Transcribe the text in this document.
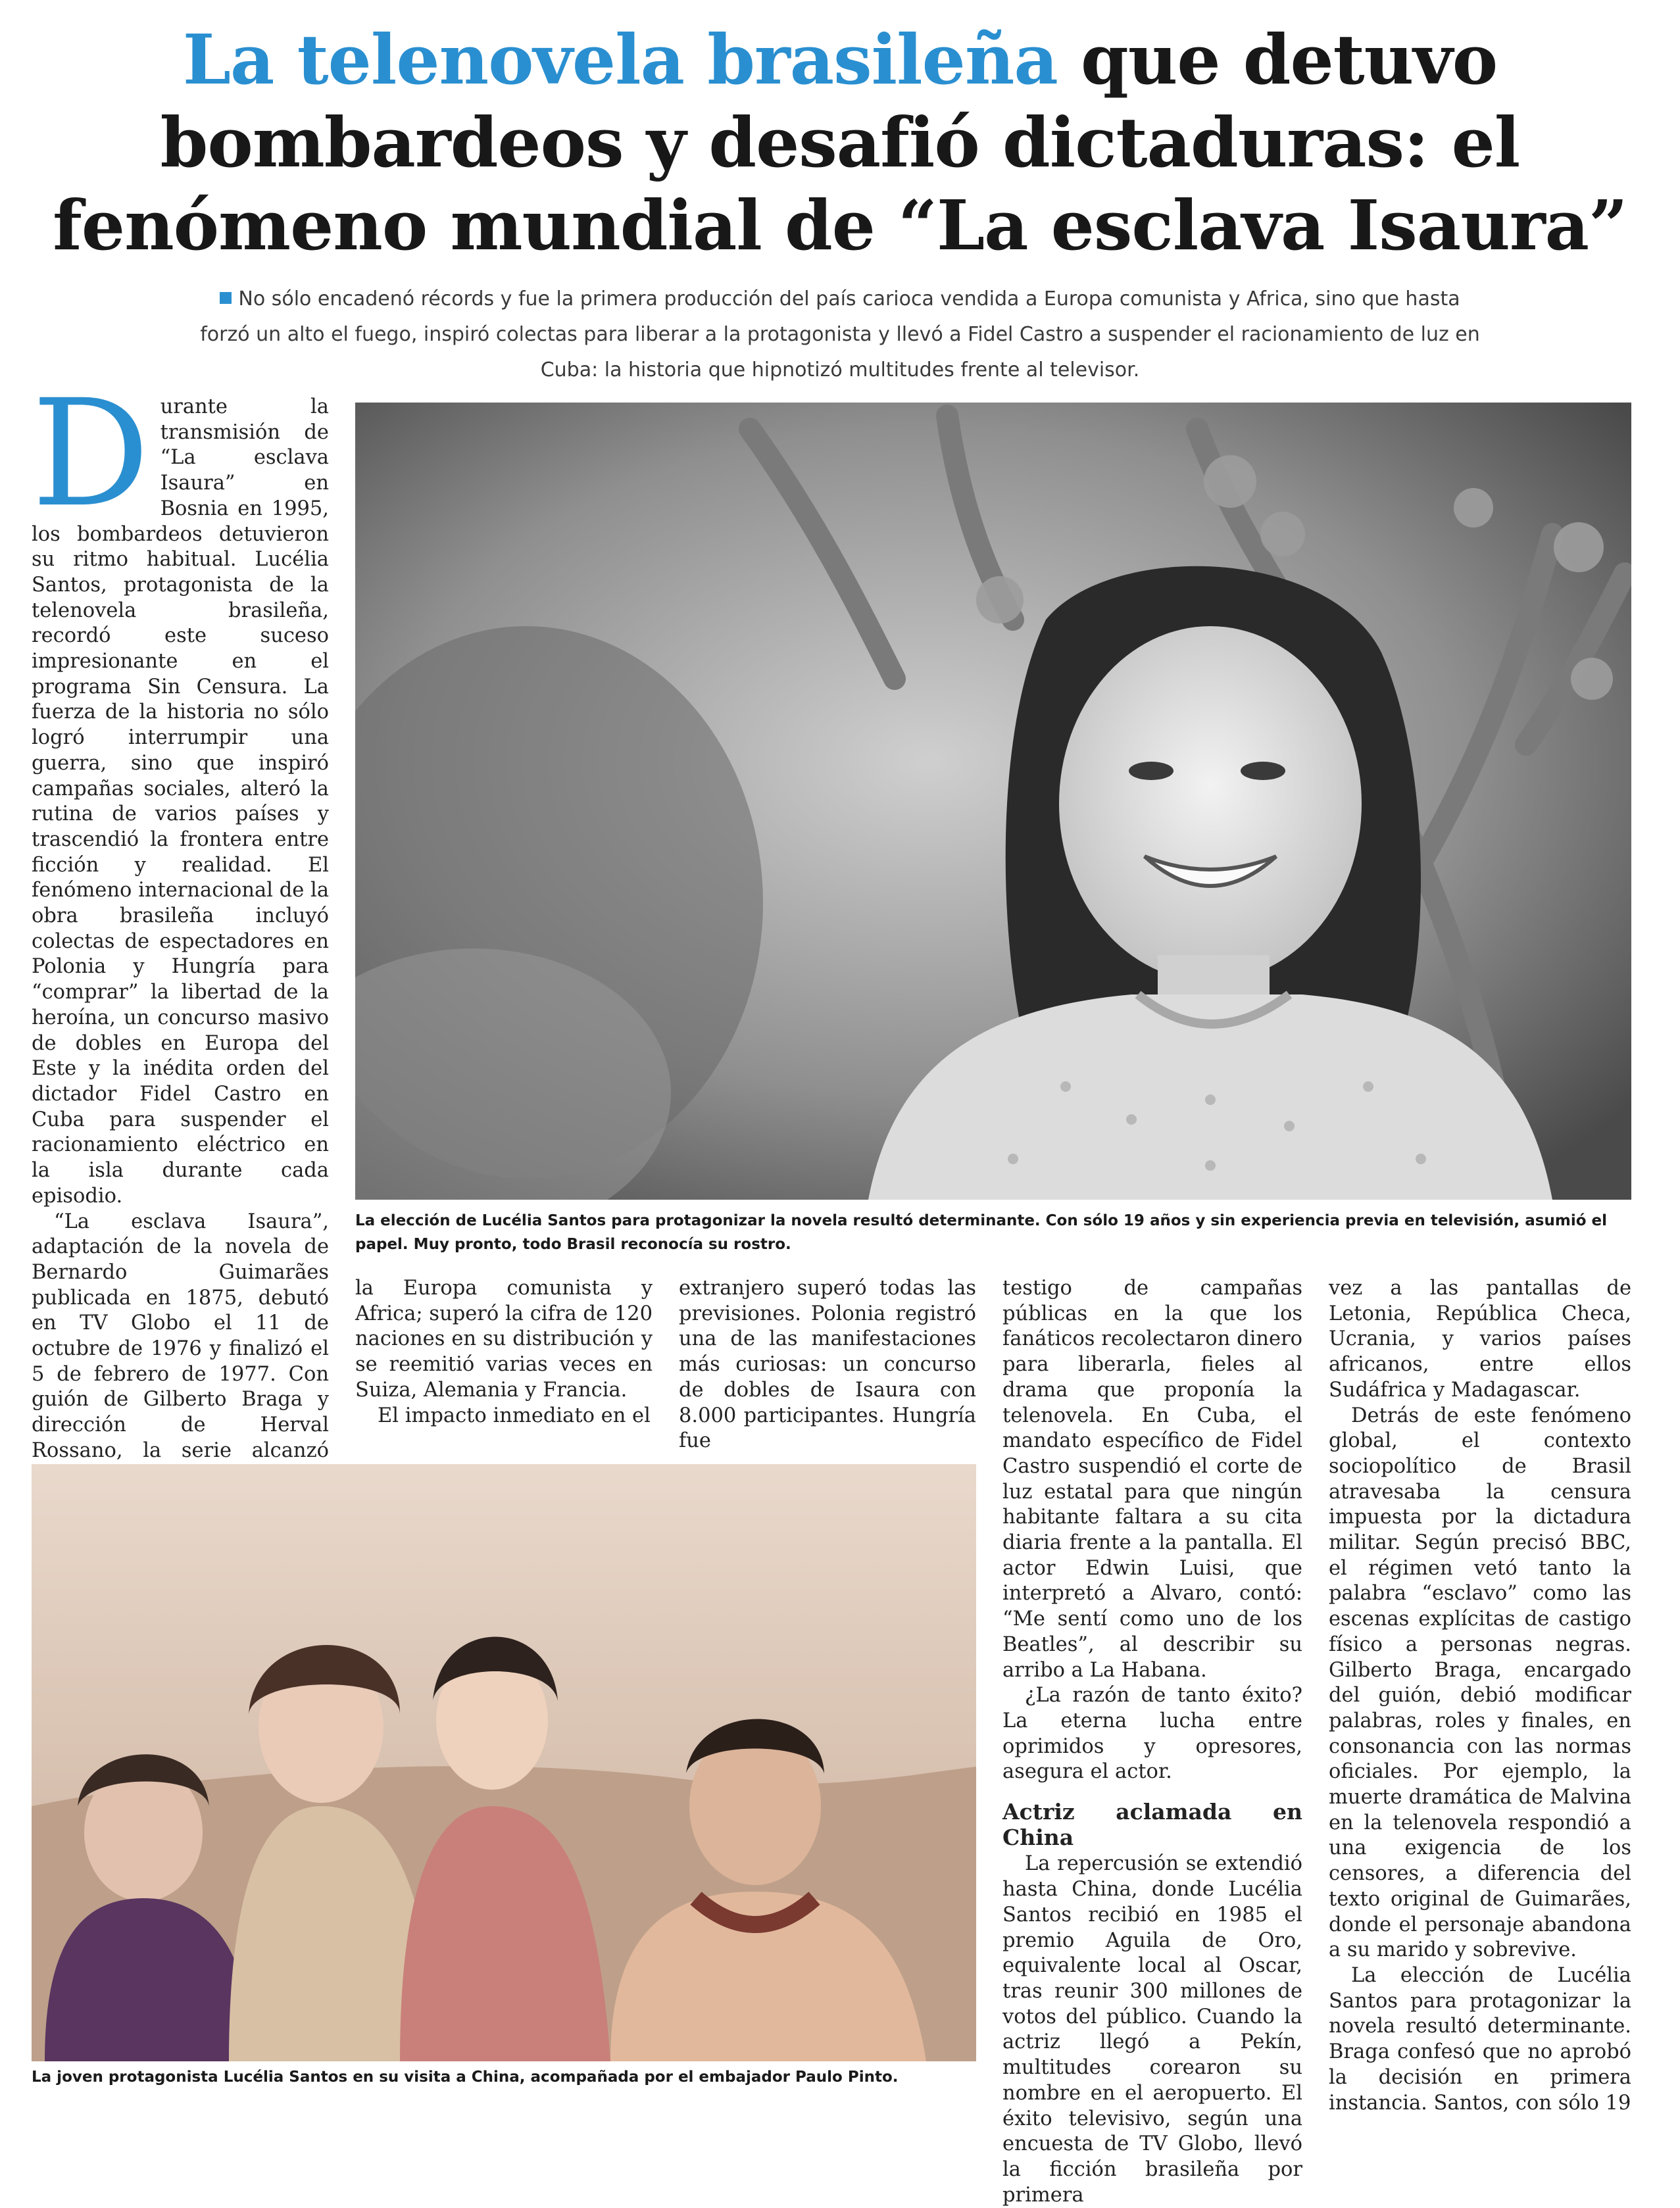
La telenovela brasileña que detuvo bombardeos y desafió dictaduras: el fenómeno mundial de “La esclava Isaura”
No sólo encadenó récords y fue la primera producción del país carioca vendida a Europa comunista y Africa, sino que hasta forzó un alto el fuego, inspiró colectas para liberar a la protagonista y llevó a Fidel Castro a suspender el racionamiento de luz en Cuba: la historia que hipnotizó multitudes frente al televisor.

Durante la transmisión de “La esclava Isaura” en Bosnia en 1995, los bombardeos detuvieron su ritmo habitual. Lucélia Santos, protagonista de la telenovela brasileña, recordó este suceso impresionante en el programa Sin Censura. La fuerza de la historia no sólo logró interrumpir una guerra, sino que inspiró campañas sociales, alteró la rutina de varios países y trascendió la frontera entre ficción y realidad. El fenómeno internacional de la obra brasileña incluyó colectas de espectadores en Polonia y Hungría para “comprar” la libertad de la heroína, un concurso masivo de dobles en Europa del Este y la inédita orden del dictador Fidel Castro en Cuba para suspender el racionamiento eléctrico en la isla durante cada episodio.

“La esclava Isaura”, adaptación de la novela de Bernardo Guimarães publicada en 1875, debutó en TV Globo el 11 de octubre de 1976 y finalizó el 5 de febrero de 1977. Con guión de Gilberto Braga y dirección de Herval Rossano, la serie alcanzó

La elección de Lucélia Santos para protagonizar la novela resultó determinante. Con sólo 19 años y sin experiencia previa en televisión, asumió el papel. Muy pronto, todo Brasil reconocía su rostro.

la Europa comunista y Africa; superó la cifra de 120 naciones en su distribución y se reemitió varias veces en Suiza, Alemania y Francia.

El impacto inmediato en el

extranjero superó todas las previsiones. Polonia registró una de las manifestaciones más curiosas: un concurso de dobles de Isaura con 8.000 participantes. Hungría fue

La joven protagonista Lucélia Santos en su visita a China, acompañada por el embajador Paulo Pinto.

testigo de campañas públicas en la que los fanáticos recolectaron dinero para liberarla, fieles al drama que proponía la telenovela. En Cuba, el mandato específico de Fidel Castro suspendió el corte de luz estatal para que ningún habitante faltara a su cita diaria frente a la pantalla. El actor Edwin Luisi, que interpretó a Alvaro, contó: “Me sentí como uno de los Beatles”, al describir su arribo a La Habana.

¿La razón de tanto éxito? La eterna lucha entre oprimidos y opresores, asegura el actor.

Actriz aclamada en China

La repercusión se extendió hasta China, donde Lucélia Santos recibió en 1985 el premio Aguila de Oro, equivalente local al Oscar, tras reunir 300 millones de votos del público. Cuando la actriz llegó a Pekín, multitudes corearon su nombre en el aeropuerto. El éxito televisivo, según una encuesta de TV Globo, llevó la ficción brasileña por primera

vez a las pantallas de Letonia, República Checa, Ucrania, y varios países africanos, entre ellos Sudáfrica y Madagascar.

Detrás de este fenómeno global, el contexto sociopolítico de Brasil atravesaba la censura impuesta por la dictadura militar. Según precisó BBC, el régimen vetó tanto la palabra “esclavo” como las escenas explícitas de castigo físico a personas negras. Gilberto Braga, encargado del guión, debió modificar palabras, roles y finales, en consonancia con las normas oficiales. Por ejemplo, la muerte dramática de Malvina en la telenovela respondió a una exigencia de los censores, a diferencia del texto original de Guimarães, donde el personaje abandona a su marido y sobrevive.

La elección de Lucélia Santos para protagonizar la novela resultó determinante. Braga confesó que no aprobó la decisión en primera instancia. Santos, con sólo 19
